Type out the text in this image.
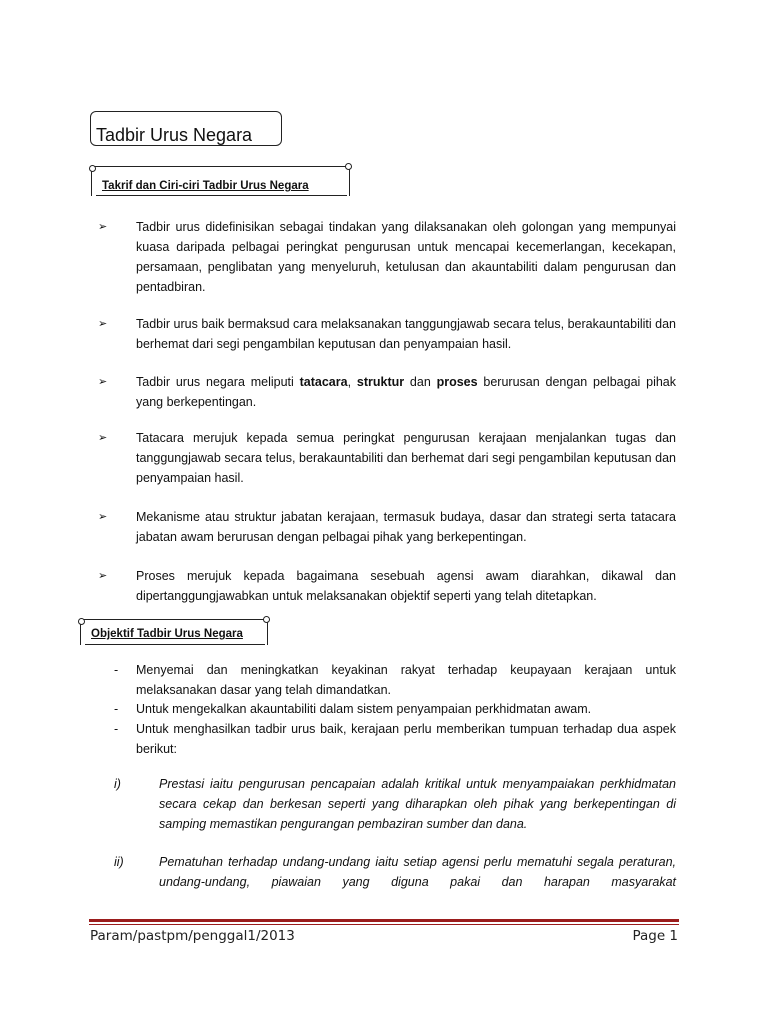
Tadbir Urus Negara
Takrif dan Ciri-ciri Tadbir Urus Negara
➢ Tadbir urus didefinisikan sebagai tindakan yang dilaksanakan oleh golongan yang mempunyai kuasa daripada pelbagai peringkat pengurusan untuk mencapai kecemerlangan, kecekapan, persamaan, penglibatan yang menyeluruh, ketulusan dan akauntabiliti dalam pengurusan dan pentadbiran.
➢ Tadbir urus baik bermaksud cara melaksanakan tanggungjawab secara telus, berakauntabiliti dan berhemat dari segi pengambilan keputusan dan penyampaian hasil.
➢ Tadbir urus negara meliputi tatacara, struktur dan proses berurusan dengan pelbagai pihak yang berkepentingan.
➢ Tatacara merujuk kepada semua peringkat pengurusan kerajaan menjalankan tugas dan tanggungjawab secara telus, berakauntabiliti dan berhemat dari segi pengambilan keputusan dan penyampaian hasil.
➢ Mekanisme atau struktur jabatan kerajaan, termasuk budaya, dasar dan strategi serta tatacara jabatan awam berurusan dengan pelbagai pihak yang berkepentingan.
➢ Proses merujuk kepada bagaimana sesebuah agensi awam diarahkan, dikawal dan dipertanggungjawabkan untuk melaksanakan objektif seperti yang telah ditetapkan.
Objektif Tadbir Urus Negara
- Menyemai dan meningkatkan keyakinan rakyat terhadap keupayaan kerajaan untuk melaksanakan dasar yang telah dimandatkan.
- Untuk mengekalkan akauntabiliti dalam sistem penyampaian perkhidmatan awam.
- Untuk menghasilkan tadbir urus baik, kerajaan perlu memberikan tumpuan terhadap dua aspek berikut:
i)	Prestasi iaitu pengurusan pencapaian adalah kritikal untuk menyampaiakan perkhidmatan secara cekap dan berkesan seperti yang diharapkan oleh pihak yang berkepentingan di samping memastikan pengurangan pembaziran sumber dan dana.
ii)	Pematuhan terhadap undang-undang iaitu setiap agensi perlu mematuhi segala peraturan, undang-undang, piawaian yang diguna pakai dan harapan masyarakat
Param/pastpm/penggal1/2013	Page 1
